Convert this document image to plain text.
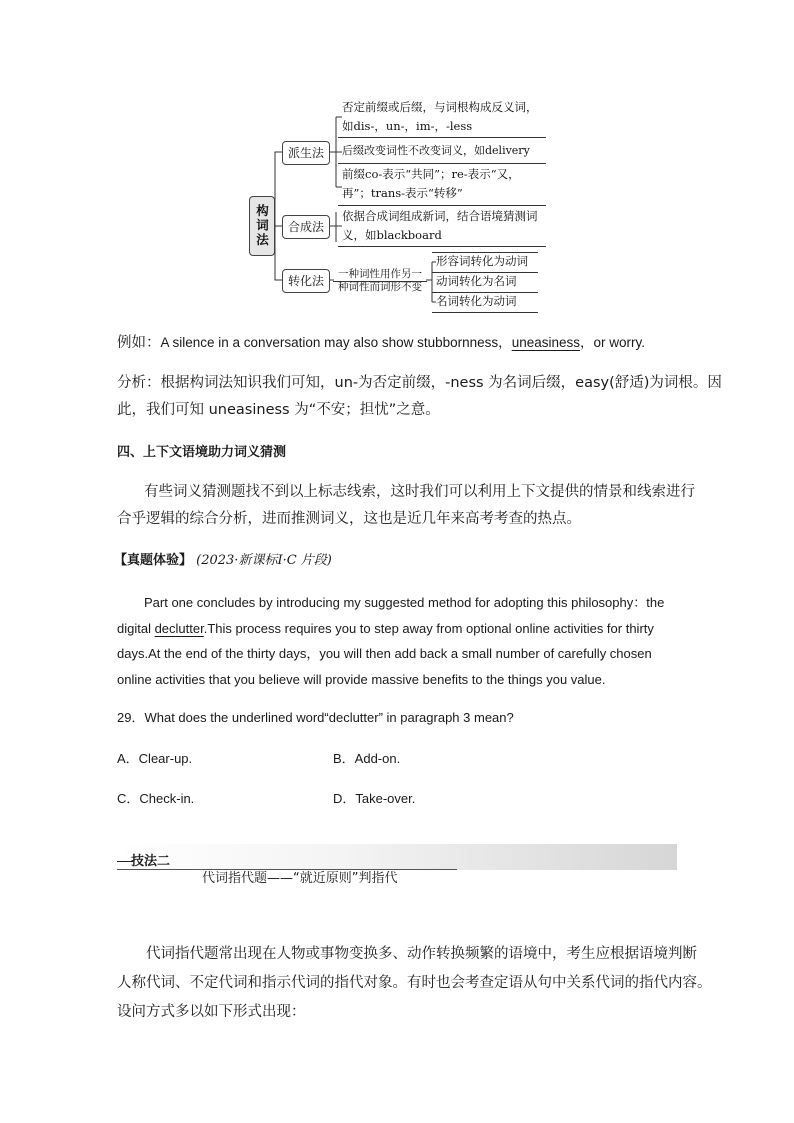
构词法
派生法
合成法
转化法
否定前缀或后缀，与词根构成反义词，如dis-，un-，im-，-less
后缀改变词性不改变词义，如delivery
前缀co-表示“共同”；re-表示“又，再”；trans-表示“转移”
依据合成词组成新词，结合语境猜测词义，如blackboard
一种词性用作另一
种词性而词形不变
形容词转化为动词
动词转化为名词
名词转化为动词
例如：A silence in a conversation may also show stubbornness，uneasiness，or worry.
分析：根据构词法知识我们可知，un-为否定前缀，-ness 为名词后缀，easy(舒适)为词根。因
此，我们可知 uneasiness 为“不安；担忧”之意。
四、上下文语境助力词义猜测
有些词义猜测题找不到以上标志线索，这时我们可以利用上下文提供的情景和线索进行
合乎逻辑的综合分析，进而推测词义，这也是近几年来高考考查的热点。
【真题体验】 (2023·新课标Ⅰ·C 片段)
Part one concludes by introducing my suggested method for adopting this philosophy：the
digital declutter.This process requires you to step away from optional online activities for thirty
days.At the end of the thirty days，you will then add back a small number of carefully chosen
online activities that you believe will provide massive benefits to the things you value.
29．What does the underlined word“declutter” in paragraph 3 mean?
A．Clear-up.	B．Add-on.
C．Check-in.	D．Take-over.
技法二
代词指代题——“就近原则”判指代
代词指代题常出现在人物或事物变换多、动作转换频繁的语境中，考生应根据语境判断
人称代词、不定代词和指示代词的指代对象。有时也会考查定语从句中关系代词的指代内容。
设问方式多以如下形式出现：
